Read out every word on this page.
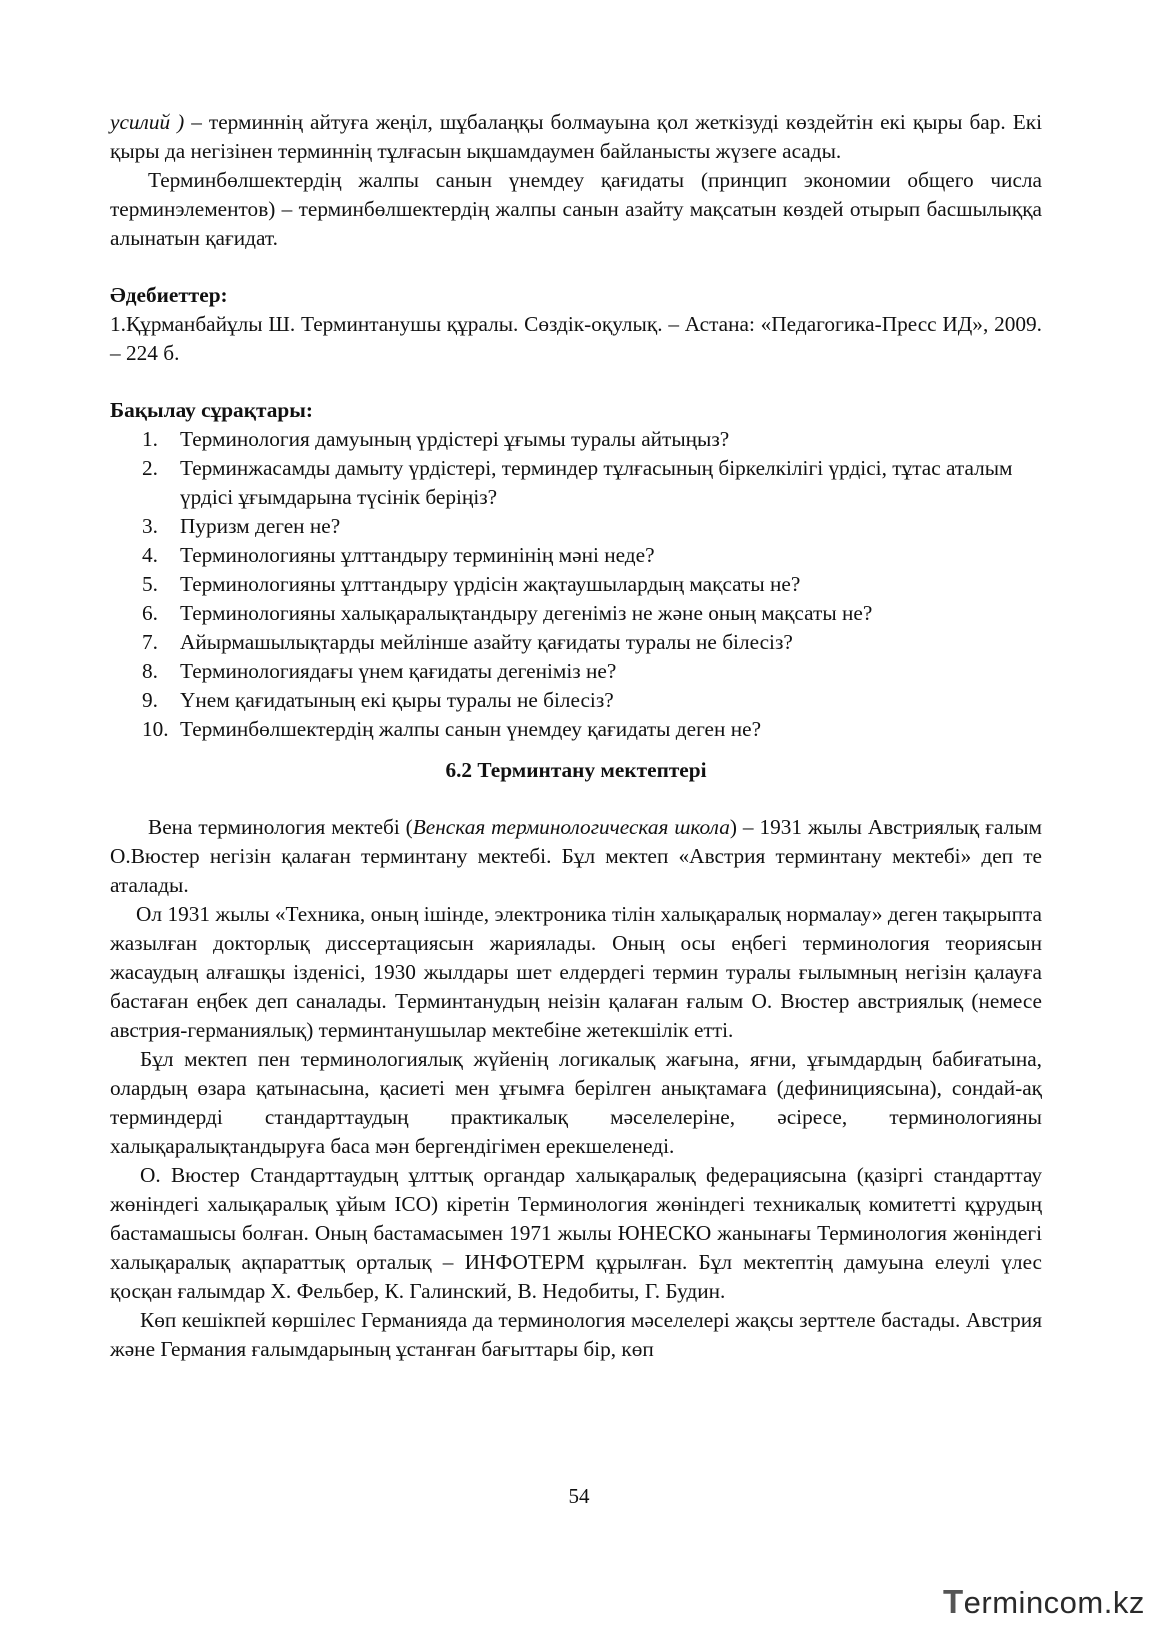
усилий ) – терминнің айтуға жеңіл, шұбалаңқы болмауына қол жеткізуді көздейтін екі қыры бар. Екі қыры да негізінен терминнің тұлғасын ықшамдаумен байланысты жүзеге асады.

Терминбөлшектердің жалпы санын үнемдеу қағидаты (принцип экономии общего числа терминэлементов) – терминбөлшектердің жалпы санын азайту мақсатын көздей отырып басшылыққа алынатын қағидат.

Әдебиеттер:

1.Құрманбайұлы Ш. Терминтанушы құралы. Сөздік-оқулық. – Астана: «Педагогика-Пресс ИД», 2009. – 224 б.

Бақылау сұрақтары:

1. Терминология дамуының үрдістері ұғымы туралы айтыңыз?
2. Терминжасамды дамыту үрдістері, терминдер тұлғасының біркелкілігі үрдісі, тұтас аталым үрдісі ұғымдарына түсінік беріңіз?
3. Пуризм деген не?
4. Терминологияны ұлттандыру терминінің мәні неде?
5. Терминологияны ұлттандыру үрдісін жақтаушылардың мақсаты не?
6. Терминологияны халықаралықтандыру дегеніміз не және оның мақсаты не?
7. Айырмашылықтарды мейлінше азайту қағидаты туралы не білесіз?
8. Терминологиядағы үнем қағидаты дегеніміз не?
9. Үнем қағидатының екі қыры туралы не білесіз?
10. Терминбөлшектердің жалпы санын үнемдеу қағидаты деген не?

6.2 Терминтану мектептері

Вена терминология мектебі (Венская терминологическая школа) – 1931 жылы Австриялық ғалым О.Вюстер негізін қалаған терминтану мектебі. Бұл мектеп «Австрия терминтану мектебі» деп те аталады.

Ол 1931 жылы «Техника, оның ішінде, электроника тілін халықаралық нормалау» деген тақырыпта жазылған докторлық диссертациясын жариялады. Оның осы еңбегі терминология теориясын жасаудың алғашқы ізденісі, 1930 жылдары шет елдердегі термин туралы ғылымның негізін қалауға бастаған еңбек деп саналады. Терминтанудың неізін қалаған ғалым О. Вюстер австриялық (немесе австрия-германиялық) терминтанушылар мектебіне жетекшілік етті.

Бұл мектеп пен терминологиялық жүйенің логикалық жағына, яғни, ұғымдардың бабиғатына, олардың өзара қатынасына, қасиеті мен ұғымға берілген анықтамаға (дефинициясына), сондай-ақ терминдерді стандарттаудың практикалық мәселелеріне, әсіресе, терминологияны халықаралықтандыруға баса мән бергендігімен ерекшеленеді.

О. Вюстер Стандарттаудың ұлттық органдар халықаралық федерациясына (қазіргі стандарттау жөніндегі халықаралық ұйым ІСО) кіретін Терминология жөніндегі техникалық комитетті құрудың бастамашысы болған. Оның бастамасымен 1971 жылы ЮНЕСКО жанынағы Терминология жөніндегі халықаралық ақпараттық орталық – ИНФОТЕРМ құрылған. Бұл мектептің дамуына елеулі үлес қосқан ғалымдар Х. Фельбер, К. Галинский, В. Недобиты, Г. Будин.

Көп кешікпей көршілес Германияда да терминология мәселелері жақсы зерттеле бастады. Австрия және Германия ғалымдарының ұстанған бағыттары бір, көп

54
Termincom.kz
